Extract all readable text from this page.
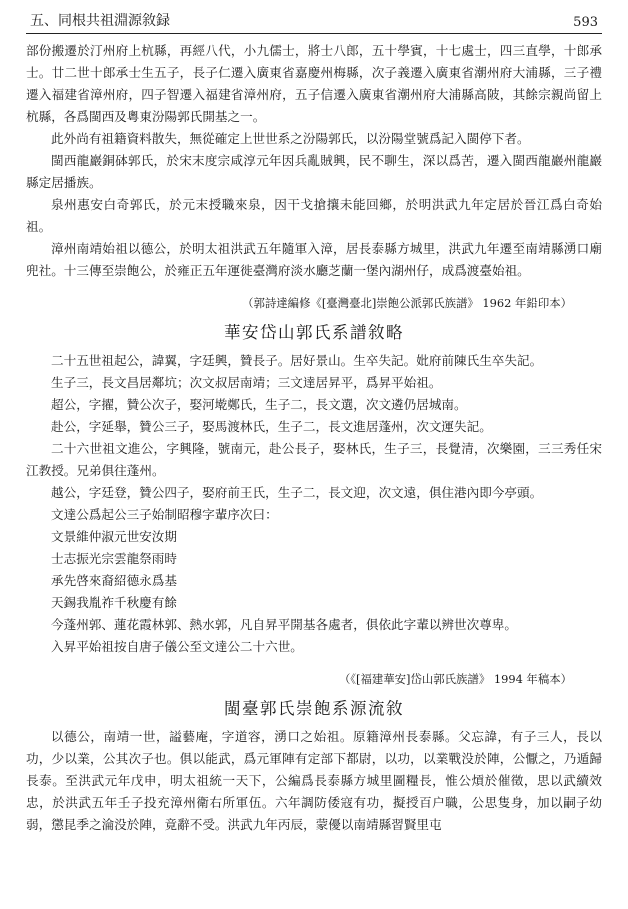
五、同根共祖淵源敘録	593

部份搬遷於汀州府上杭縣，再經八代，小九儒士，將士八郎，五十學賓，十七處士，四三直學，十郎承士。廿二世十郎承士生五子，長子仁遷入廣東省嘉慶州梅縣，次子義遷入廣東省潮州府大浦縣，三子禮遷入福建省漳州府，四子智遷入福建省漳州府，五子信遷入廣東省潮州府大浦縣高陂，其餘宗親尚留上杭縣，各爲閩西及粵東汾陽郭氏開基之一。

此外尚有祖籍資料散失，無從確定上世世系之汾陽郭氏，以汾陽堂號爲記入閩停下者。

閩西龍巖銅砵郭氏，於宋末度宗咸淳元年因兵亂賊興，民不聊生，深以爲苦，遷入閩西龍巖州龍巖縣定居播族。

泉州惠安白奇郭氏，於元末授職來泉，因干戈搶攘未能回鄉，於明洪武九年定居於晉江爲白奇始祖。

漳州南靖始祖以德公，於明太祖洪武五年隨軍入漳，居長泰縣方城里，洪武九年遷至南靖縣湧口廟兜社。十三傳至崇飽公，於雍正五年運徙臺灣府淡水廳芝蘭一堡內湖州仔，成爲渡臺始祖。

（郭詩達編修《[臺灣臺北]崇飽公派郭氏族譜》 1962 年鉛印本）
華安岱山郭氏系譜敘略

二十五世祖起公，諱翼，字廷興，贊長子。居好景山。生卒失記。妣府前陳氏生卒失記。

生子三，長文昌居鄰坑；次文叔居南靖；三文達居昇平，爲昇平始祖。

超公，字擢，贊公次子，娶河墘鄭氏，生子二，長文選，次文遴仍居城南。

赴公，字延舉，贊公三子，娶馬渡林氏，生子二，長文進居蓬州，次文運失記。

二十六世祖文進公，字興隆，號南元，赴公長子，娶林氏，生子三，長覺清，次樂園，三三秀任宋江教授。兄弟俱往蓬州。

越公，字廷登，贊公四子，娶府前王氏，生子二，長文迎，次文遠，俱住港內即今亭頭。

文達公爲起公三子始制昭穆字輩序次曰：

文景維仲淑元世安汝期
士志振光宗雲龍祭雨時
承先啓來裔紹德永爲基
天錫我胤祚千秋慶有餘

今蓬州郭、蓮花霞林郭、熱水郭，凡自昇平開基各處者，俱依此字輩以辨世次尊卑。

入昇平始祖按自唐子儀公至文達公二十六世。

（《[福建華安]岱山郭氏族譜》 1994 年稿本）
閩臺郭氏崇飽系源流敘

以德公，南靖一世，謚藝庵，字道容，湧口之始祖。原籍漳州長泰縣。父忘諱，有子三人，長以功，少以業，公其次子也。俱以能武，爲元軍陣有定部下都尉，以功，以業戰没於陣，公懨之，乃遁歸長泰。至洪武元年戊申，明太祖統一天下，公編爲長泰縣方城里圖糧長，惟公熕於催徵，思以武續效忠，於洪武五年壬子投充漳州衛右所軍伍。六年調防倭寇有功，擬授百户職，公思隻身，加以嗣子幼弱，懲昆季之淪没於陣，竟辭不受。洪武九年丙辰，蒙優以南靖縣習賢里屯
